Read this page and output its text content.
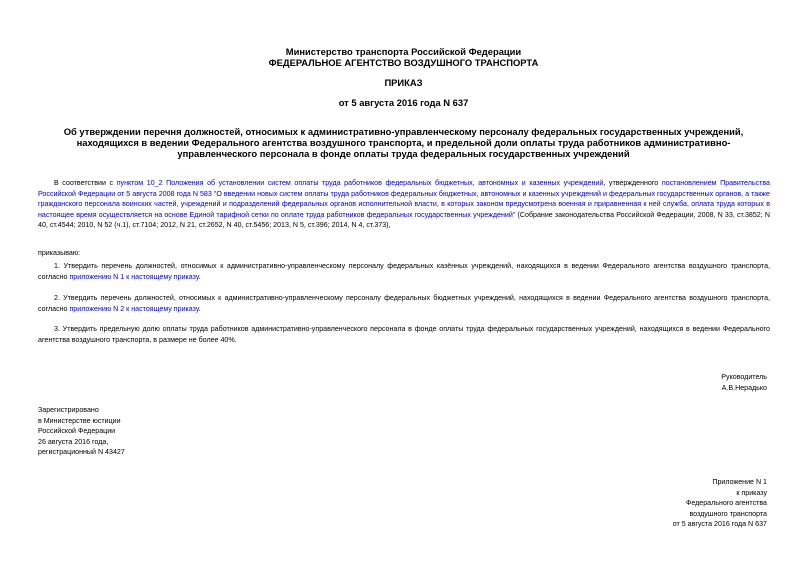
Министерство транспорта Российской Федерации
ФЕДЕРАЛЬНОЕ АГЕНТСТВО ВОЗДУШНОГО ТРАНСПОРТА
ПРИКАЗ
от 5 августа 2016 года N 637
Об утверждении перечня должностей, относимых к административно-управленческому персоналу федеральных государственных учреждений, находящихся в ведении Федерального агентства воздушного транспорта, и предельной доли оплаты труда работников административно-управленческого персонала в фонде оплаты труда федеральных государственных учреждений
В соответствии с пунктом 10_2 Положения об установлении систем оплаты труда работников федеральных бюджетных, автономных и казенных учреждений, утвержденного постановлением Правительства Российской Федерации от 5 августа 2008 года N 583 "О введении новых систем оплаты труда работников федеральных бюджетных, автономных и казенных учреждений и федеральных государственных органов, а также гражданского персонала воинских частей, учреждений и подразделений федеральных органов исполнительной власти, в которых законом предусмотрена военная и приравненная к ней служба, оплата труда которых в настоящее время осуществляется на основе Единой тарифной сетки по оплате труда работников федеральных государственных учреждений" (Собрание законодательства Российской Федерации, 2008, N 33, ст.3852; N 40, ст.4544; 2010, N 52 (ч.1), ст.7104; 2012, N 21, ст.2652, N 40, ст.5456; 2013, N 5, ст.396; 2014, N 4, ст.373),
приказываю:
1. Утвердить перечень должностей, относимых к административно-управленческому персоналу федеральных казённых учреждений, находящихся в ведении Федерального агентства воздушного транспорта, согласно приложению N 1 к настоящему приказу.
2. Утвердить перечень должностей, относимых к административно-управленческому персоналу федеральных бюджетных учреждений, находящихся в ведении Федерального агентства воздушного транспорта, согласно приложению N 2 к настоящему приказу.
3. Утвердить предельную долю оплаты труда работников административно-управленческого персонала в фонде оплаты труда федеральных государственных учреждений, находящихся в ведении Федерального агентства воздушного транспорта, в размере не более 40%.
Руководитель
А.В.Нерадько
Зарегистрировано
в Министерстве юстиции
Российской Федерации
26 августа 2016 года,
регистрационный N 43427
Приложение N 1
к приказу
Федерального агентства
воздушного транспорта
от 5 августа 2016 года N 637
